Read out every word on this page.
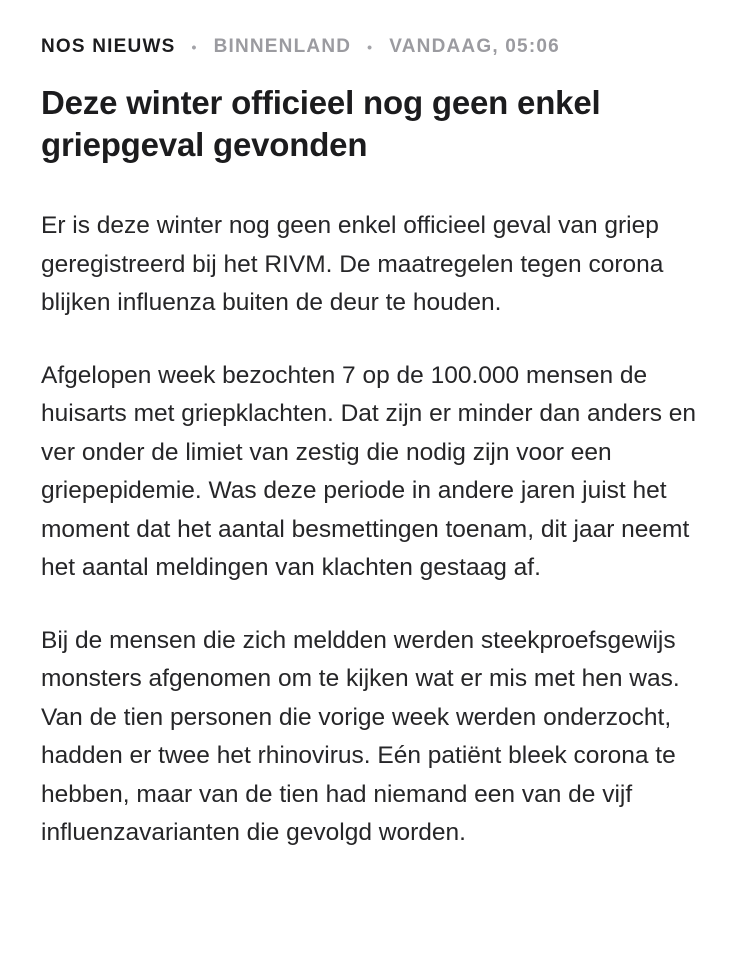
NOS NIEUWS • BINNENLAND • VANDAAG, 05:06
Deze winter officieel nog geen enkel griepgeval gevonden

Er is deze winter nog geen enkel officieel geval van griep geregistreerd bij het RIVM. De maatregelen tegen corona blijken influenza buiten de deur te houden.

Afgelopen week bezochten 7 op de 100.000 mensen de huisarts met griepklachten. Dat zijn er minder dan anders en ver onder de limiet van zestig die nodig zijn voor een griepepidemie. Was deze periode in andere jaren juist het moment dat het aantal besmettingen toenam, dit jaar neemt het aantal meldingen van klachten gestaag af.

Bij de mensen die zich meldden werden steekproefsgewijs monsters afgenomen om te kijken wat er mis met hen was. Van de tien personen die vorige week werden onderzocht, hadden er twee het rhinovirus. Eén patiënt bleek corona te hebben, maar van de tien had niemand een van de vijf influenzavarianten die gevolgd worden.
